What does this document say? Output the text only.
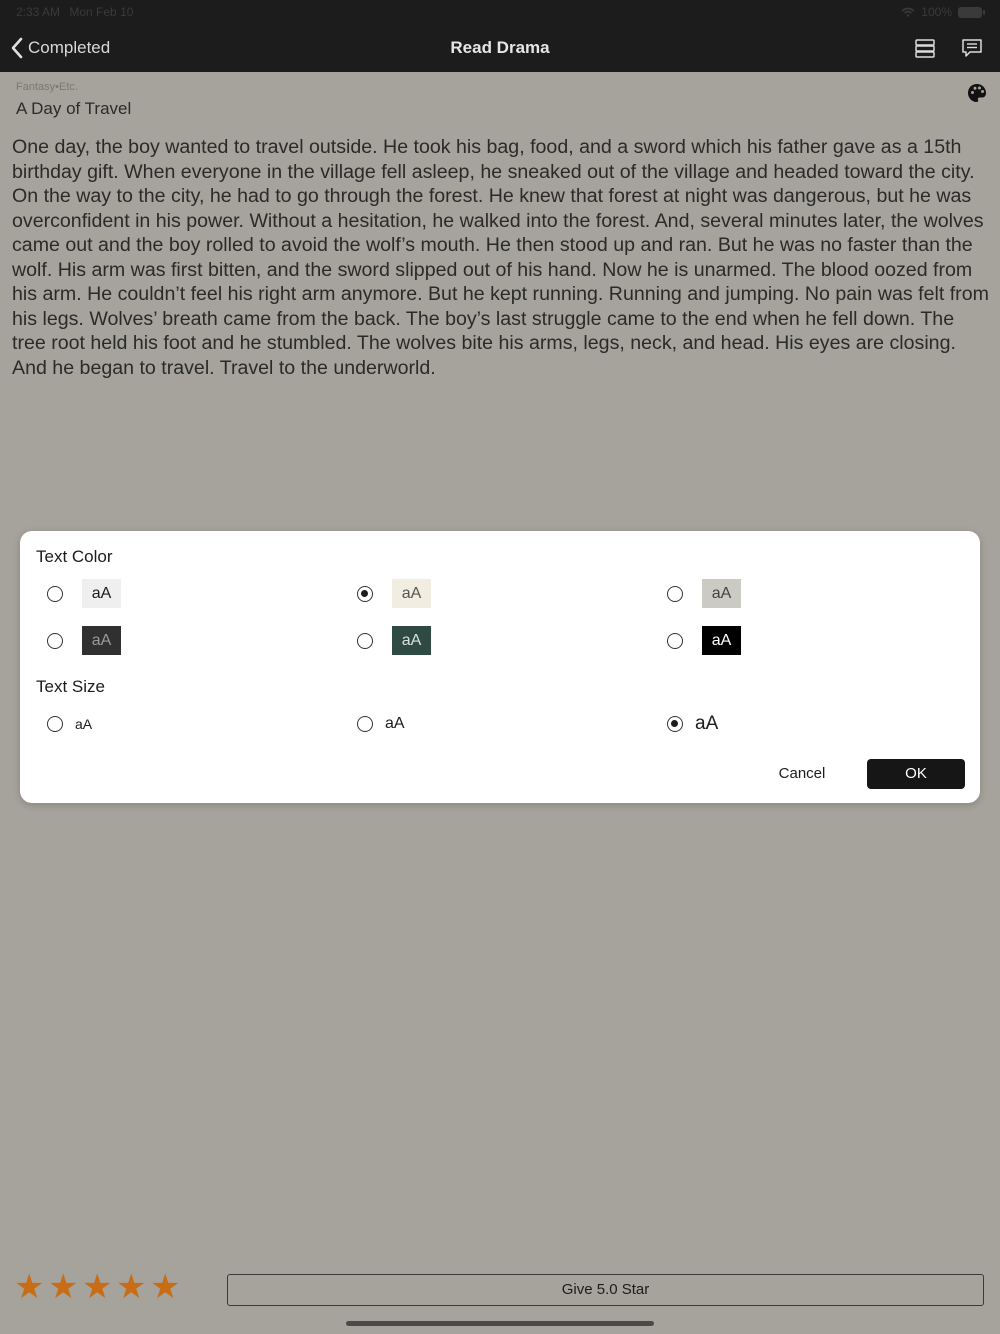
2:33 AM Mon Feb 10	100%
Completed	Read Drama
Fantasy•Etc.
A Day of Travel
One day, the boy wanted to travel outside. He took his bag, food, and a sword which his father gave as a 15th birthday gift. When everyone in the village fell asleep, he sneaked out of the village and headed toward the city. On the way to the city, he had to go through the forest. He knew that forest at night was dangerous, but he was overconfident in his power. Without a hesitation, he walked into the forest. And, several minutes later, the wolves came out and the boy rolled to avoid the wolf’s mouth. He then stood up and ran. But he was no faster than the wolf. His arm was first bitten, and the sword slipped out of his hand. Now he is unarmed. The blood oozed from his arm. He couldn’t feel his right arm anymore. But he kept running. Running and jumping. No pain was felt from his legs. Wolves’ breath came from the back. The boy’s last struggle came to the end when he fell down. The tree root held his foot and he stumbled. The wolves bite his arms, legs, neck, and head. His eyes are closing. And he began to travel. Travel to the underworld.
Text Color
aA	aA	aA
aA	aA	aA
Text Size
aA	aA	aA
Cancel	OK
★ ★ ★ ★ ★	Give 5.0 Star
